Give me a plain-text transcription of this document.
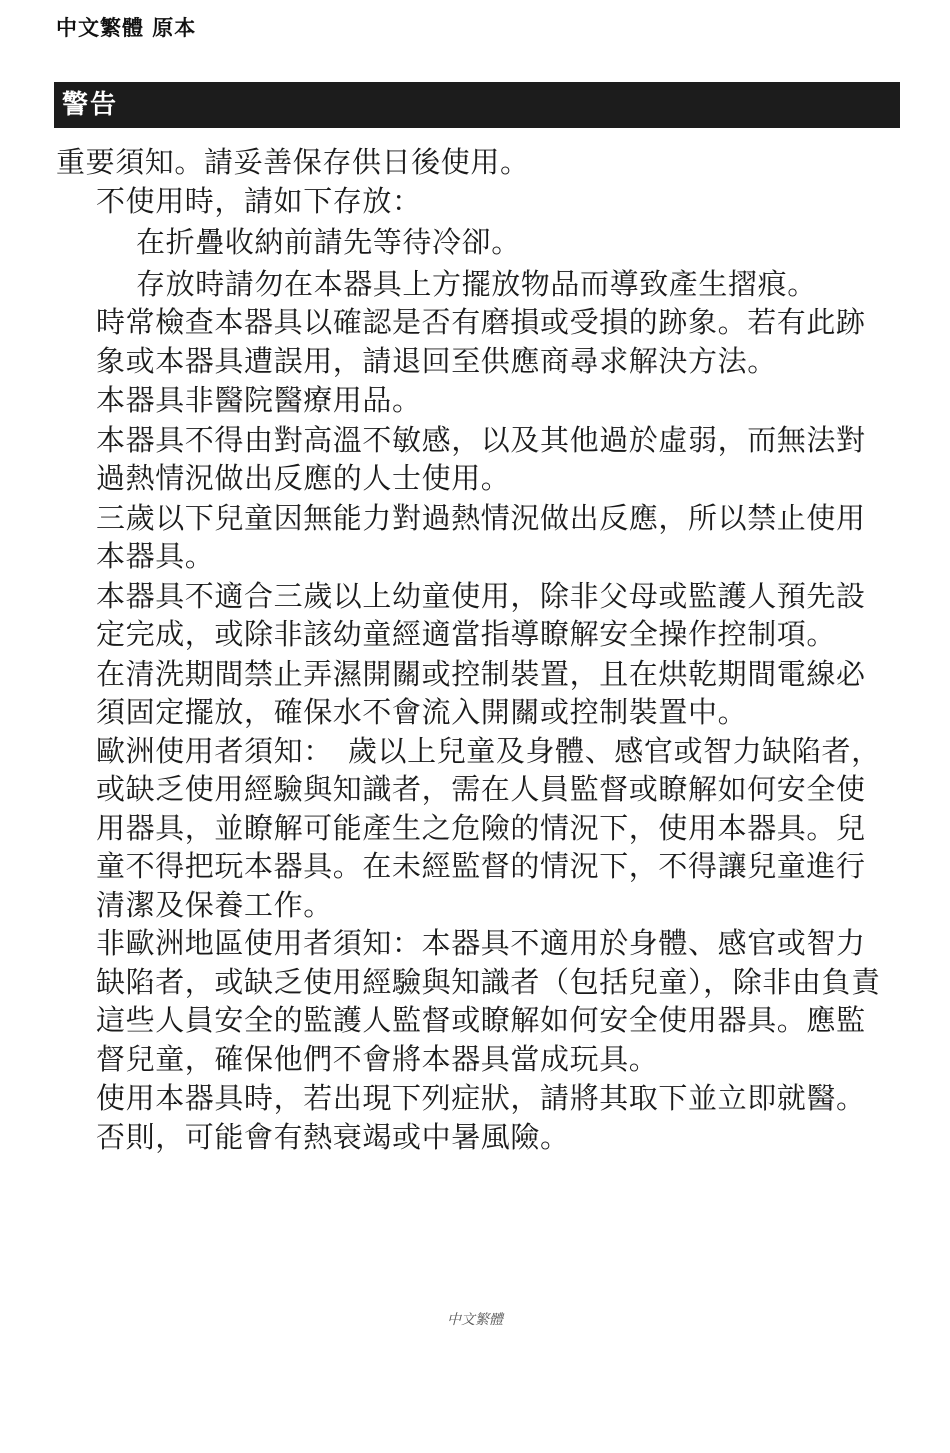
中文繁體 原本
警告

重要須知。請妥善保存供日後使用。

不使用時，請如下存放：

在折疊收納前請先等待冷卻。

存放時請勿在本器具上方擺放物品而導致產生摺痕。

時常檢查本器具以確認是否有磨損或受損的跡象。若有此跡象或本器具遭誤用，請退回至供應商尋求解決方法。

本器具非醫院醫療用品。

本器具不得由對高溫不敏感，以及其他過於虛弱，而無法對過熱情況做出反應的人士使用。

三歲以下兒童因無能力對過熱情況做出反應，所以禁止使用本器具。

本器具不適合三歲以上幼童使用，除非父母或監護人預先設定完成，或除非該幼童經適當指導瞭解安全操作控制項。

在清洗期間禁止弄濕開關或控制裝置，且在烘乾期間電線必須固定擺放，確保水不會流入開關或控制裝置中。

歐洲使用者須知：　歲以上兒童及身體、感官或智力缺陷者，或缺乏使用經驗與知識者，需在人員監督或瞭解如何安全使用器具，並瞭解可能產生之危險的情況下，使用本器具。兒童不得把玩本器具。在未經監督的情況下，不得讓兒童進行清潔及保養工作。

非歐洲地區使用者須知：本器具不適用於身體、感官或智力缺陷者，或缺乏使用經驗與知識者（包括兒童），除非由負責這些人員安全的監護人監督或瞭解如何安全使用器具。應監督兒童，確保他們不會將本器具當成玩具。

使用本器具時，若出現下列症狀，請將其取下並立即就醫。否則，可能會有熱衰竭或中暑風險。

中文繁體
